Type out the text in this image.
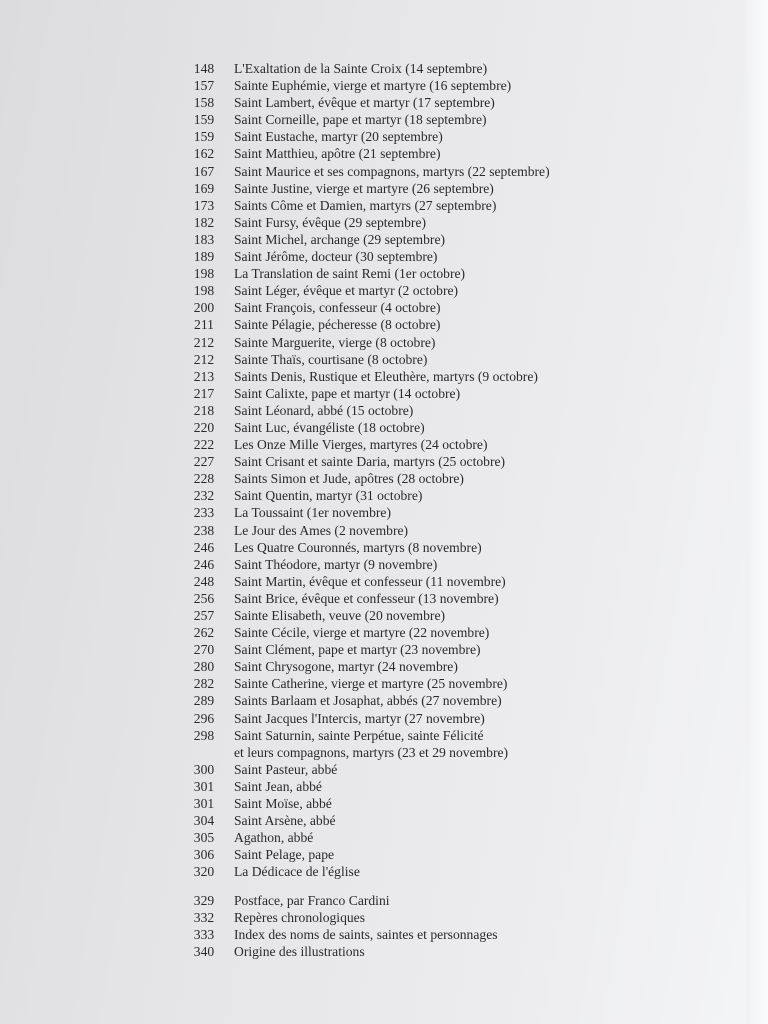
148	L'Exaltation de la Sainte Croix (14 septembre)
157	Sainte Euphémie, vierge et martyre (16 septembre)
158	Saint Lambert, évêque et martyr (17 septembre)
159	Saint Corneille, pape et martyr (18 septembre)
159	Saint Eustache, martyr (20 septembre)
162	Saint Matthieu, apôtre (21 septembre)
167	Saint Maurice et ses compagnons, martyrs (22 septembre)
169	Sainte Justine, vierge et martyre (26 septembre)
173	Saints Côme et Damien, martyrs (27 septembre)
182	Saint Fursy, évêque (29 septembre)
183	Saint Michel, archange (29 septembre)
189	Saint Jérôme, docteur (30 septembre)
198	La Translation de saint Remi (1er octobre)
198	Saint Léger, évêque et martyr (2 octobre)
200	Saint François, confesseur (4 octobre)
211	Sainte Pélagie, pécheresse (8 octobre)
212	Sainte Marguerite, vierge (8 octobre)
212	Sainte Thaïs, courtisane (8 octobre)
213	Saints Denis, Rustique et Eleuthère, martyrs (9 octobre)
217	Saint Calixte, pape et martyr (14 octobre)
218	Saint Léonard, abbé (15 octobre)
220	Saint Luc, évangéliste (18 octobre)
222	Les Onze Mille Vierges, martyres (24 octobre)
227	Saint Crisant et sainte Daria, martyrs (25 octobre)
228	Saints Simon et Jude, apôtres (28 octobre)
232	Saint Quentin, martyr (31 octobre)
233	La Toussaint (1er novembre)
238	Le Jour des Ames (2 novembre)
246	Les Quatre Couronnés, martyrs (8 novembre)
246	Saint Théodore, martyr (9 novembre)
248	Saint Martin, évêque et confesseur (11 novembre)
256	Saint Brice, évêque et confesseur (13 novembre)
257	Sainte Elisabeth, veuve (20 novembre)
262	Sainte Cécile, vierge et martyre (22 novembre)
270	Saint Clément, pape et martyr (23 novembre)
280	Saint Chrysogone, martyr (24 novembre)
282	Sainte Catherine, vierge et martyre (25 novembre)
289	Saints Barlaam et Josaphat, abbés (27 novembre)
296	Saint Jacques l'Intercis, martyr (27 novembre)
298	Saint Saturnin, sainte Perpétue, sainte Félicité
et leurs compagnons, martyrs (23 et 29 novembre)
300	Saint Pasteur, abbé
301	Saint Jean, abbé
301	Saint Moïse, abbé
304	Saint Arsène, abbé
305	Agathon, abbé
306	Saint Pelage, pape
320	La Dédicace de l'église
329	Postface, par Franco Cardini
332	Repères chronologiques
333	Index des noms de saints, saintes et personnages
340	Origine des illustrations
